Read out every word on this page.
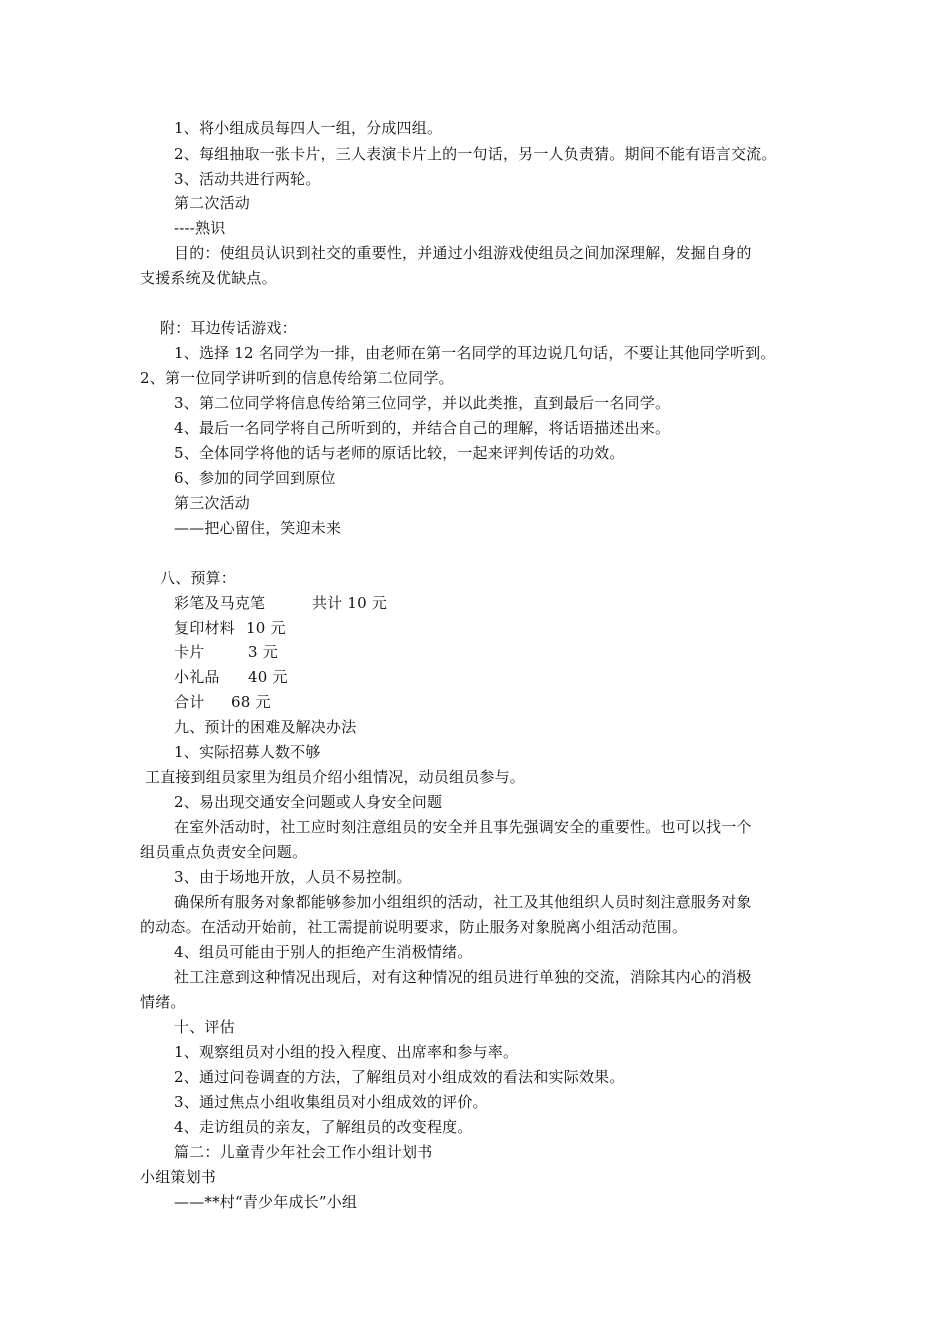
1、将小组成员每四人一组，分成四组。
2、每组抽取一张卡片，三人表演卡片上的一句话，另一人负责猜。期间不能有语言交流。
3、活动共进行两轮。
第二次活动
----熟识
目的：使组员认识到社交的重要性，并通过小组游戏使组员之间加深理解，发掘自身的
支援系统及优缺点。
附：耳边传话游戏：
1、选择 12 名同学为一排，由老师在第一名同学的耳边说几句话，不要让其他同学听到。
2、第一位同学讲听到的信息传给第二位同学。
3、第二位同学将信息传给第三位同学，并以此类推，直到最后一名同学。
4、最后一名同学将自己所听到的，并结合自己的理解，将话语描述出来。
5、全体同学将他的话与老师的原话比较，一起来评判传话的功效。
6、参加的同学回到原位
第三次活动
——把心留住，笑迎未来
八、预算：
彩笔及马克笔	共计 10 元
复印材料 10 元
卡片	3 元
小礼品 40 元
合计 68 元
九、预计的困难及解决办法
1、实际招募人数不够
工直接到组员家里为组员介绍小组情况，动员组员参与。
2、易出现交通安全问题或人身安全问题
在室外活动时，社工应时刻注意组员的安全并且事先强调安全的重要性。也可以找一个
组员重点负责安全问题。
3、由于场地开放，人员不易控制。
确保所有服务对象都能够参加小组组织的活动，社工及其他组织人员时刻注意服务对象
的动态。在活动开始前，社工需提前说明要求，防止服务对象脱离小组活动范围。
4、组员可能由于别人的拒绝产生消极情绪。
社工注意到这种情况出现后，对有这种情况的组员进行单独的交流，消除其内心的消极
情绪。
十、评估
1、观察组员对小组的投入程度、出席率和参与率。
2、通过问卷调查的方法，了解组员对小组成效的看法和实际效果。
3、通过焦点小组收集组员对小组成效的评价。
4、走访组员的亲友，了解组员的改变程度。
篇二：儿童青少年社会工作小组计划书
小组策划书
——**村“青少年成长”小组
